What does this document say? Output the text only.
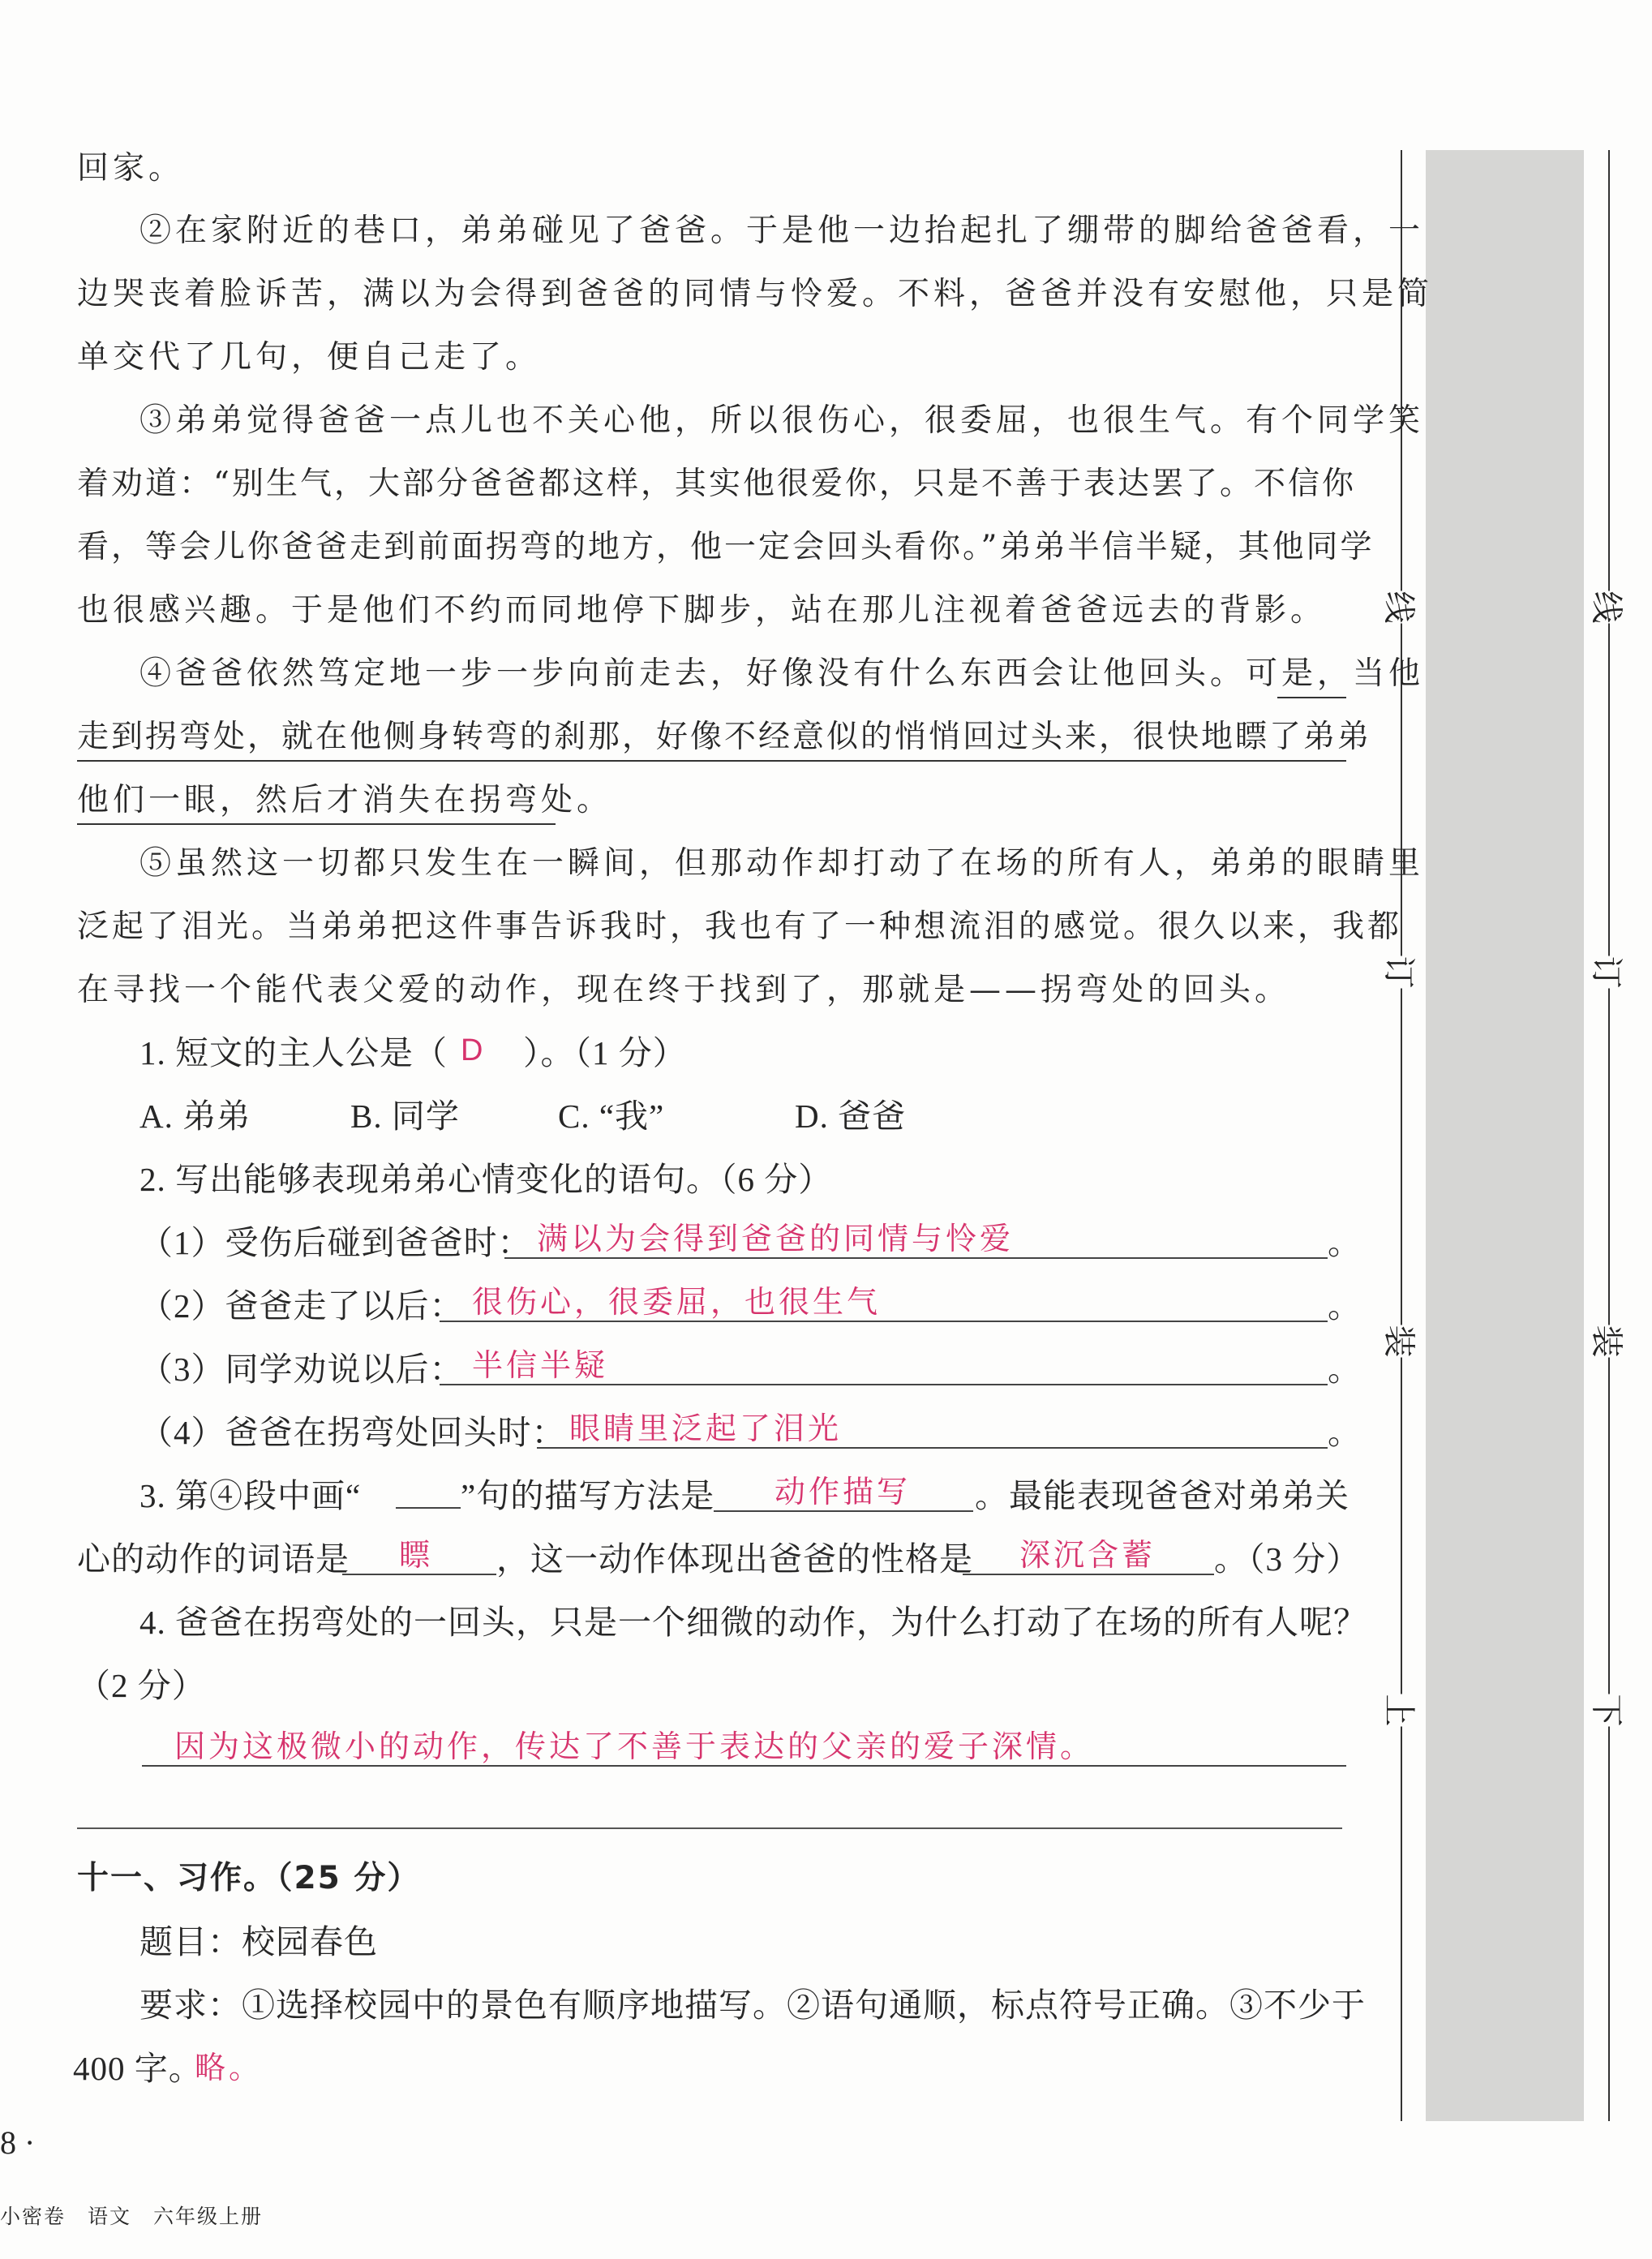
线
订
装
上
线
订
装
下
回家。
②在家附近的巷口，弟弟碰见了爸爸。于是他一边抬起扎了绷带的脚给爸爸看，一
边哭丧着脸诉苦，满以为会得到爸爸的同情与怜爱。不料，爸爸并没有安慰他，只是简
单交代了几句，便自己走了。
③弟弟觉得爸爸一点儿也不关心他，所以很伤心，很委屈，也很生气。有个同学笑
着劝道：“别生气，大部分爸爸都这样，其实他很爱你，只是不善于表达罢了。不信你
看，等会儿你爸爸走到前面拐弯的地方，他一定会回头看你。”弟弟半信半疑，其他同学
也很感兴趣。于是他们不约而同地停下脚步，站在那儿注视着爸爸远去的背影。
④爸爸依然笃定地一步一步向前走去，好像没有什么东西会让他回头。可是，当他
走到拐弯处，就在他侧身转弯的刹那，好像不经意似的悄悄回过头来，很快地瞟了弟弟
他们一眼，然后才消失在拐弯处。
⑤虽然这一切都只发生在一瞬间，但那动作却打动了在场的所有人，弟弟的眼睛里
泛起了泪光。当弟弟把这件事告诉我时，我也有了一种想流泪的感觉。很久以来，我都
在寻找一个能代表父爱的动作，现在终于找到了，那就是——拐弯处的回头。
1. 短文的主人公是（ D ）。（1 分）
A. 弟弟	B. 同学	C. “我”	D. 爸爸
2. 写出能够表现弟弟心情变化的语句。（6 分）
（1）受伤后碰到爸爸时： 满以为会得到爸爸的同情与怜爱	。
（2）爸爸走了以后： 很伤心，很委屈，也很生气	。
（3）同学劝说以后： 半信半疑	。
（4）爸爸在拐弯处回头时： 眼睛里泛起了泪光	。
3. 第④段中画“	”句的描写方法是 动作描写 。最能表现爸爸对弟弟关
心的动作的词语是 瞟 ，这一动作体现出爸爸的性格是 深沉含蓄 。（3 分）
4. 爸爸在拐弯处的一回头，只是一个细微的动作，为什么打动了在场的所有人呢？
（2 分）
因为这极微小的动作，传达了不善于表达的父亲的爱子深情。
十一、习作。（25 分）
题目：校园春色
要求：①选择校园中的景色有顺序地描写。②语句通顺，标点符号正确。③不少于
400 字。
略。
8 ·
小密卷　语文　六年级上册
